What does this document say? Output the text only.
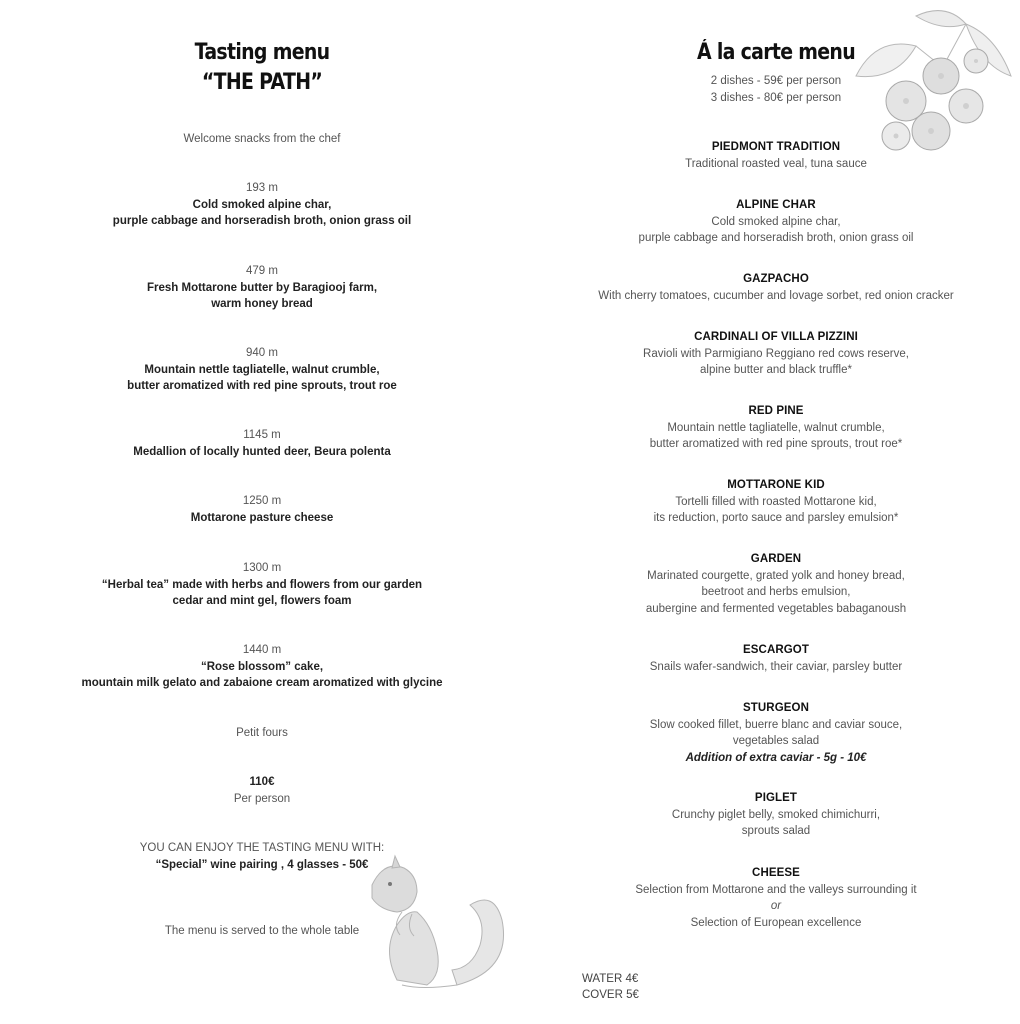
Tasting menu
“THE PATH”
Welcome snacks from the chef
193 m
Cold smoked alpine char,
purple cabbage and horseradish broth, onion grass oil
479 m
Fresh Mottarone butter by Baragiooj farm,
warm honey bread
940 m
Mountain nettle tagliatelle, walnut crumble,
butter aromatized with red pine sprouts, trout roe
1145 m
Medallion of locally hunted deer, Beura polenta
1250 m
Mottarone pasture cheese
1300 m
“Herbal tea” made with herbs and flowers from our garden
cedar and mint gel, flowers foam
1440 m
“Rose blossom” cake,
mountain milk gelato and zabaione cream aromatized with glycine
Petit fours
110€
Per person
YOU CAN ENJOY THE TASTING MENU WITH:
“Special” wine pairing , 4 glasses - 50€
The menu is served to the whole table
Á la carte menu
2 dishes - 59€ per person
3 dishes - 80€ per person
PIEDMONT TRADITION
Traditional roasted veal, tuna sauce
ALPINE CHAR
Cold smoked alpine char,
purple cabbage and horseradish broth, onion grass oil
GAZPACHO
With cherry tomatoes, cucumber and lovage sorbet, red onion cracker
CARDINALI OF VILLA PIZZINI
Ravioli with Parmigiano Reggiano red cows reserve,
alpine butter and black truffle*
RED PINE
Mountain nettle tagliatelle, walnut crumble,
butter aromatized with red pine sprouts, trout roe*
MOTTARONE KID
Tortelli filled with roasted Mottarone kid,
its reduction, porto sauce and parsley emulsion*
GARDEN
Marinated courgette, grated yolk and honey bread,
beetroot and herbs emulsion,
aubergine and fermented vegetables babaganoush
ESCARGOT
Snails wafer-sandwich, their caviar, parsley butter
STURGEON
Slow cooked fillet, buerre blanc and caviar souce,
vegetables salad
Addition of extra caviar - 5g - 10€
PIGLET
Crunchy piglet belly, smoked chimichurri,
sprouts salad
CHEESE
Selection from Mottarone and the valleys surrounding it
or
Selection of European excellence
WATER 4€
COVER 5€
